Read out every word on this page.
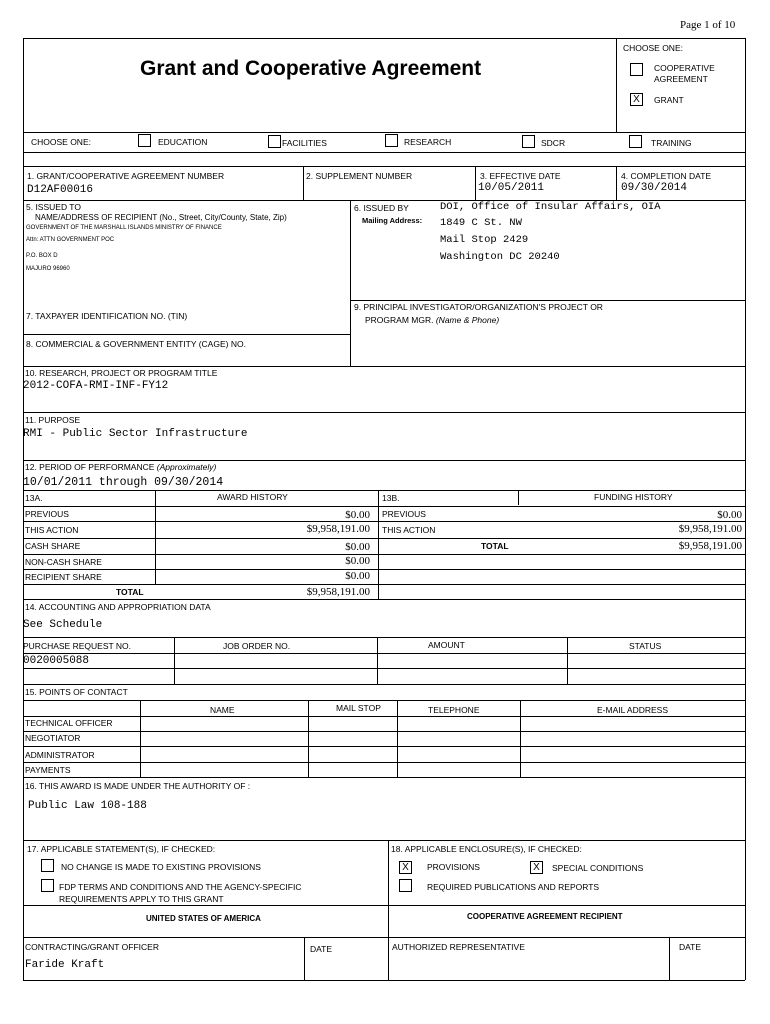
Page 1 of 10
Grant and Cooperative Agreement
CHOOSE ONE:
COOPERATIVE
AGREEMENT
X	GRANT
CHOOSE ONE:	EDUCATION	FACILITIES	RESEARCH	SDCR	TRAINING
1. GRANT/COOPERATIVE AGREEMENT NUMBER
D12AF00016
2. SUPPLEMENT NUMBER	3. EFFECTIVE DATE
10/05/2011
4. COMPLETION DATE
09/30/2014
5. ISSUED TO
NAME/ADDRESS OF RECIPIENT (No., Street, City/County, State, Zip)
GOVERNMENT OF THE MARSHALL ISLANDS MINISTRY OF FINANCE
Attn: ATTN GOVERNMENT POC
P.O. BOX D
MAJURO 96960
6. ISSUED BY
Mailing Address:
DOI, Office of Insular Affairs, OIA
1849 C St. NW
Mail Stop 2429
Washington DC 20240
7. TAXPAYER IDENTIFICATION NO. (TIN)
8. COMMERCIAL & GOVERNMENT ENTITY (CAGE) NO.
9. PRINCIPAL INVESTIGATOR/ORGANIZATION'S PROJECT OR
PROGRAM MGR. (Name & Phone)
10. RESEARCH, PROJECT OR PROGRAM TITLE
2012-COFA-RMI-INF-FY12
11. PURPOSE
RMI - Public Sector Infrastructure
12. PERIOD OF PERFORMANCE (Approximately)
10/01/2011 through 09/30/2014
13A.	AWARD HISTORY
PREVIOUS	$0.00
THIS ACTION	$9,958,191.00
CASH SHARE	$0.00
NON-CASH SHARE	$0.00
RECIPIENT SHARE	$0.00
TOTAL	$9,958,191.00
13B.	FUNDING HISTORY
PREVIOUS	$0.00
THIS ACTION	$9,958,191.00
TOTAL	$9,958,191.00
14. ACCOUNTING AND APPROPRIATION DATA
See Schedule
PURCHASE REQUEST NO.	JOB ORDER NO.	AMOUNT	STATUS
0020005088
15. POINTS OF CONTACT
NAME	MAIL STOP	TELEPHONE	E-MAIL ADDRESS
TECHNICAL OFFICER
NEGOTIATOR
ADMINISTRATOR
PAYMENTS
16. THIS AWARD IS MADE UNDER THE AUTHORITY OF :
Public Law 108-188
17. APPLICABLE STATEMENT(S), IF CHECKED:
NO CHANGE IS MADE TO EXISTING PROVISIONS
FDP TERMS AND CONDITIONS AND THE AGENCY-SPECIFIC
REQUIREMENTS APPLY TO THIS GRANT
18. APPLICABLE ENCLOSURE(S), IF CHECKED:
X	PROVISIONS	X	SPECIAL CONDITIONS
REQUIRED PUBLICATIONS AND REPORTS
UNITED STATES OF AMERICA	COOPERATIVE AGREEMENT RECIPIENT
CONTRACTING/GRANT OFFICER
Faride Kraft
DATE	AUTHORIZED REPRESENTATIVE	DATE
